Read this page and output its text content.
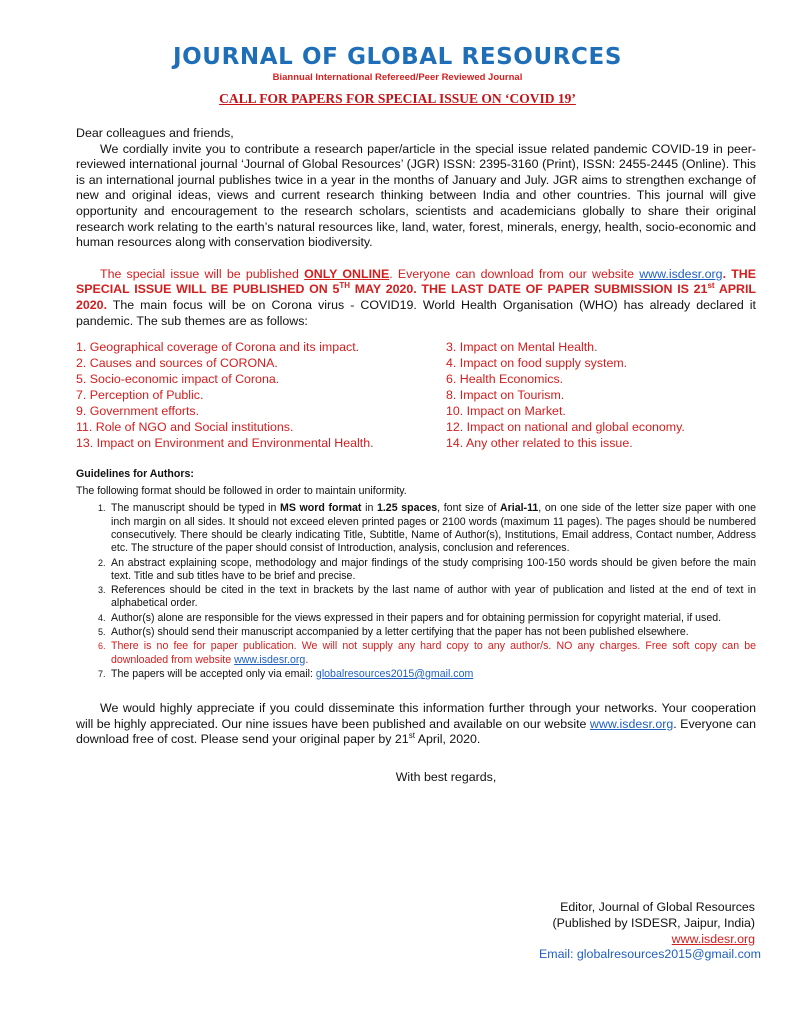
JOURNAL OF GLOBAL RESOURCES
Biannual International Refereed/Peer Reviewed Journal
CALL FOR PAPERS FOR SPECIAL ISSUE ON ‘COVID 19’

Dear colleagues and friends,

We cordially invite you to contribute a research paper/article in the special issue related pandemic COVID-19 in peer-reviewed international journal ‘Journal of Global Resources’ (JGR) ISSN: 2395-3160 (Print), ISSN: 2455-2445 (Online). This is an international journal publishes twice in a year in the months of January and July. JGR aims to strengthen exchange of new and original ideas, views and current research thinking between India and other countries. This journal will give opportunity and encouragement to the research scholars, scientists and academicians globally to share their original research work relating to the earth’s natural resources like, land, water, forest, minerals, energy, health, socio-economic and human resources along with conservation biodiversity.

The special issue will be published ONLY ONLINE. Everyone can download from our website www.isdesr.org. THE SPECIAL ISSUE WILL BE PUBLISHED ON 5TH MAY 2020. THE LAST DATE OF PAPER SUBMISSION IS 21st APRIL 2020. The main focus will be on Corona virus - COVID19. World Health Organisation (WHO) has already declared it pandemic. The sub themes are as follows:

1. Geographical coverage of Corona and its impact.	3. Impact on Mental Health.
2. Causes and sources of CORONA.	4. Impact on food supply system.
5. Socio-economic impact of Corona.	6. Health Economics.
7. Perception of Public.	8. Impact on Tourism.
9. Government efforts.	10. Impact on Market.
11. Role of NGO and Social institutions.	12. Impact on national and global economy.
13. Impact on Environment and Environmental Health.	14. Any other related to this issue.
Guidelines for Authors:
The following format should be followed in order to maintain uniformity.
1. The manuscript should be typed in MS word format in 1.25 spaces, font size of Arial-11, on one side of the letter size paper with one inch margin on all sides. It should not exceed eleven printed pages or 2100 words (maximum 11 pages). The pages should be numbered consecutively. There should be clearly indicating Title, Subtitle, Name of Author(s), Institutions, Email address, Contact number, Address etc. The structure of the paper should consist of Introduction, analysis, conclusion and references.
2. An abstract explaining scope, methodology and major findings of the study comprising 100-150 words should be given before the main text. Title and sub titles have to be brief and precise.
3. References should be cited in the text in brackets by the last name of author with year of publication and listed at the end of text in alphabetical order.
4. Author(s) alone are responsible for the views expressed in their papers and for obtaining permission for copyright material, if used.
5. Author(s) should send their manuscript accompanied by a letter certifying that the paper has not been published elsewhere.
6. There is no fee for paper publication. We will not supply any hard copy to any author/s. NO any charges. Free soft copy can be downloaded from website www.isdesr.org.
7. The papers will be accepted only via email: globalresources2015@gmail.com

We would highly appreciate if you could disseminate this information further through your networks. Your cooperation will be highly appreciated. Our nine issues have been published and available on our website www.isdesr.org. Everyone can download free of cost. Please send your original paper by 21st April, 2020.

With best regards,
Editor, Journal of Global Resources
(Published by ISDESR, Jaipur, India)
www.isdesr.org
Email: globalresources2015@gmail.com
